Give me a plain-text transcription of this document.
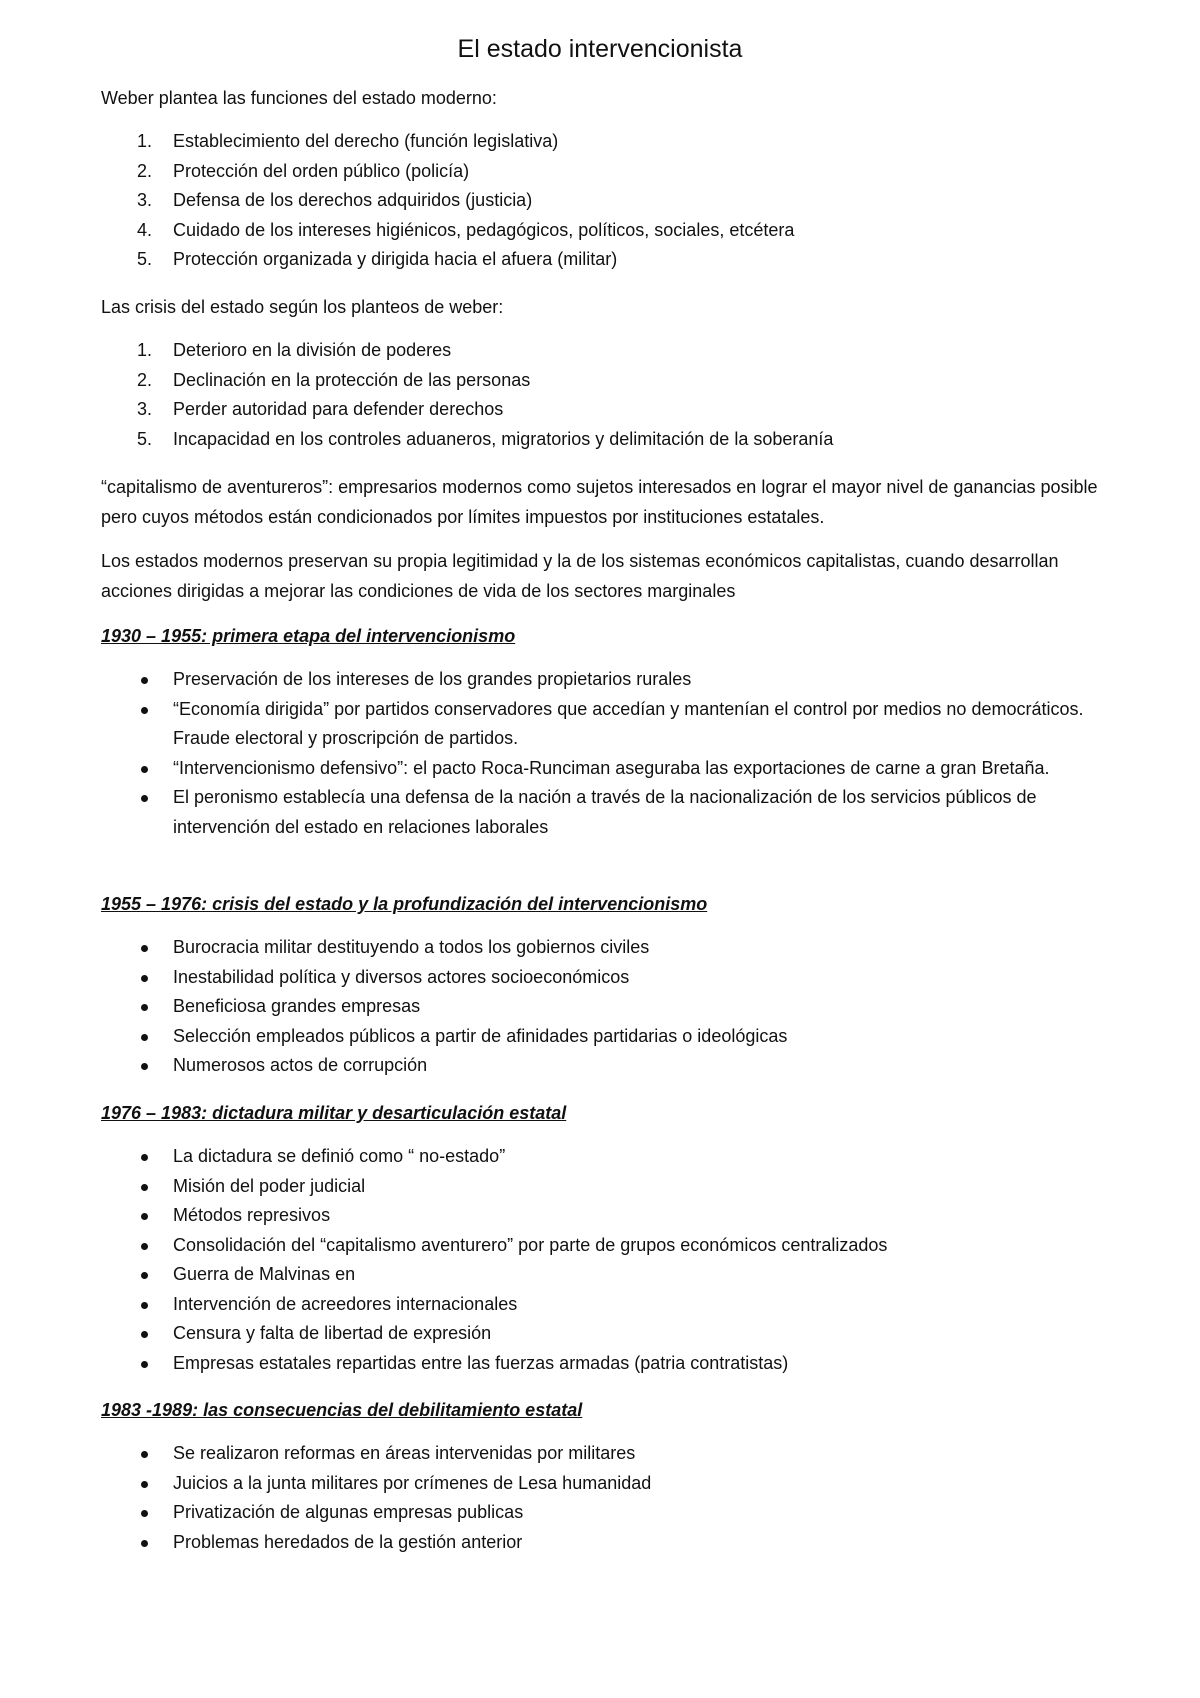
El estado intervencionista

Weber plantea las funciones del estado moderno:

1.	Establecimiento del derecho (función legislativa)
2.	Protección del orden público (policía)
3.	Defensa de los derechos adquiridos (justicia)
4.	Cuidado de los intereses higiénicos, pedagógicos, políticos, sociales, etcétera
5.	Protección organizada y dirigida hacia el afuera (militar)

Las crisis del estado según los planteos de weber:

1.	Deterioro en la división de poderes
2.	Declinación en la protección de las personas
3.	Perder autoridad para defender derechos
5.	Incapacidad en los controles aduaneros, migratorios y delimitación de la soberanía

“capitalismo de aventureros”: empresarios modernos como sujetos interesados en lograr el mayor nivel de ganancias posible pero cuyos métodos están condicionados por límites impuestos por instituciones estatales.

Los estados modernos preservan su propia legitimidad y la de los sistemas económicos capitalistas, cuando desarrollan acciones dirigidas a mejorar las condiciones de vida de los sectores marginales

1930 – 1955: primera etapa del intervencionismo
Preservación de los intereses de los grandes propietarios rurales
“Economía dirigida” por partidos conservadores que accedían y mantenían el control por medios no democráticos. Fraude electoral y proscripción de partidos.
“Intervencionismo defensivo”: el pacto Roca-Runciman aseguraba las exportaciones de carne a gran Bretaña.
El peronismo establecía una defensa de la nación a través de la nacionalización de los servicios públicos de intervención del estado en relaciones laborales
1955 – 1976: crisis del estado y la profundización del intervencionismo
Burocracia militar destituyendo a todos los gobiernos civiles
Inestabilidad política y diversos actores socioeconómicos
Beneficiosa grandes empresas
Selección empleados públicos a partir de afinidades partidarias o ideológicas
Numerosos actos de corrupción
1976 – 1983: dictadura militar y desarticulación estatal
La dictadura se definió como “ no-estado”
Misión del poder judicial
Métodos represivos
Consolidación del “capitalismo aventurero” por parte de grupos económicos centralizados
Guerra de Malvinas en
Intervención de acreedores internacionales
Censura y falta de libertad de expresión
Empresas estatales repartidas entre las fuerzas armadas (patria contratistas)
1983 -1989: las consecuencias del debilitamiento estatal
Se realizaron reformas en áreas intervenidas por militares
Juicios a la junta militares por crímenes de Lesa humanidad
Privatización de algunas empresas publicas
Problemas heredados de la gestión anterior
